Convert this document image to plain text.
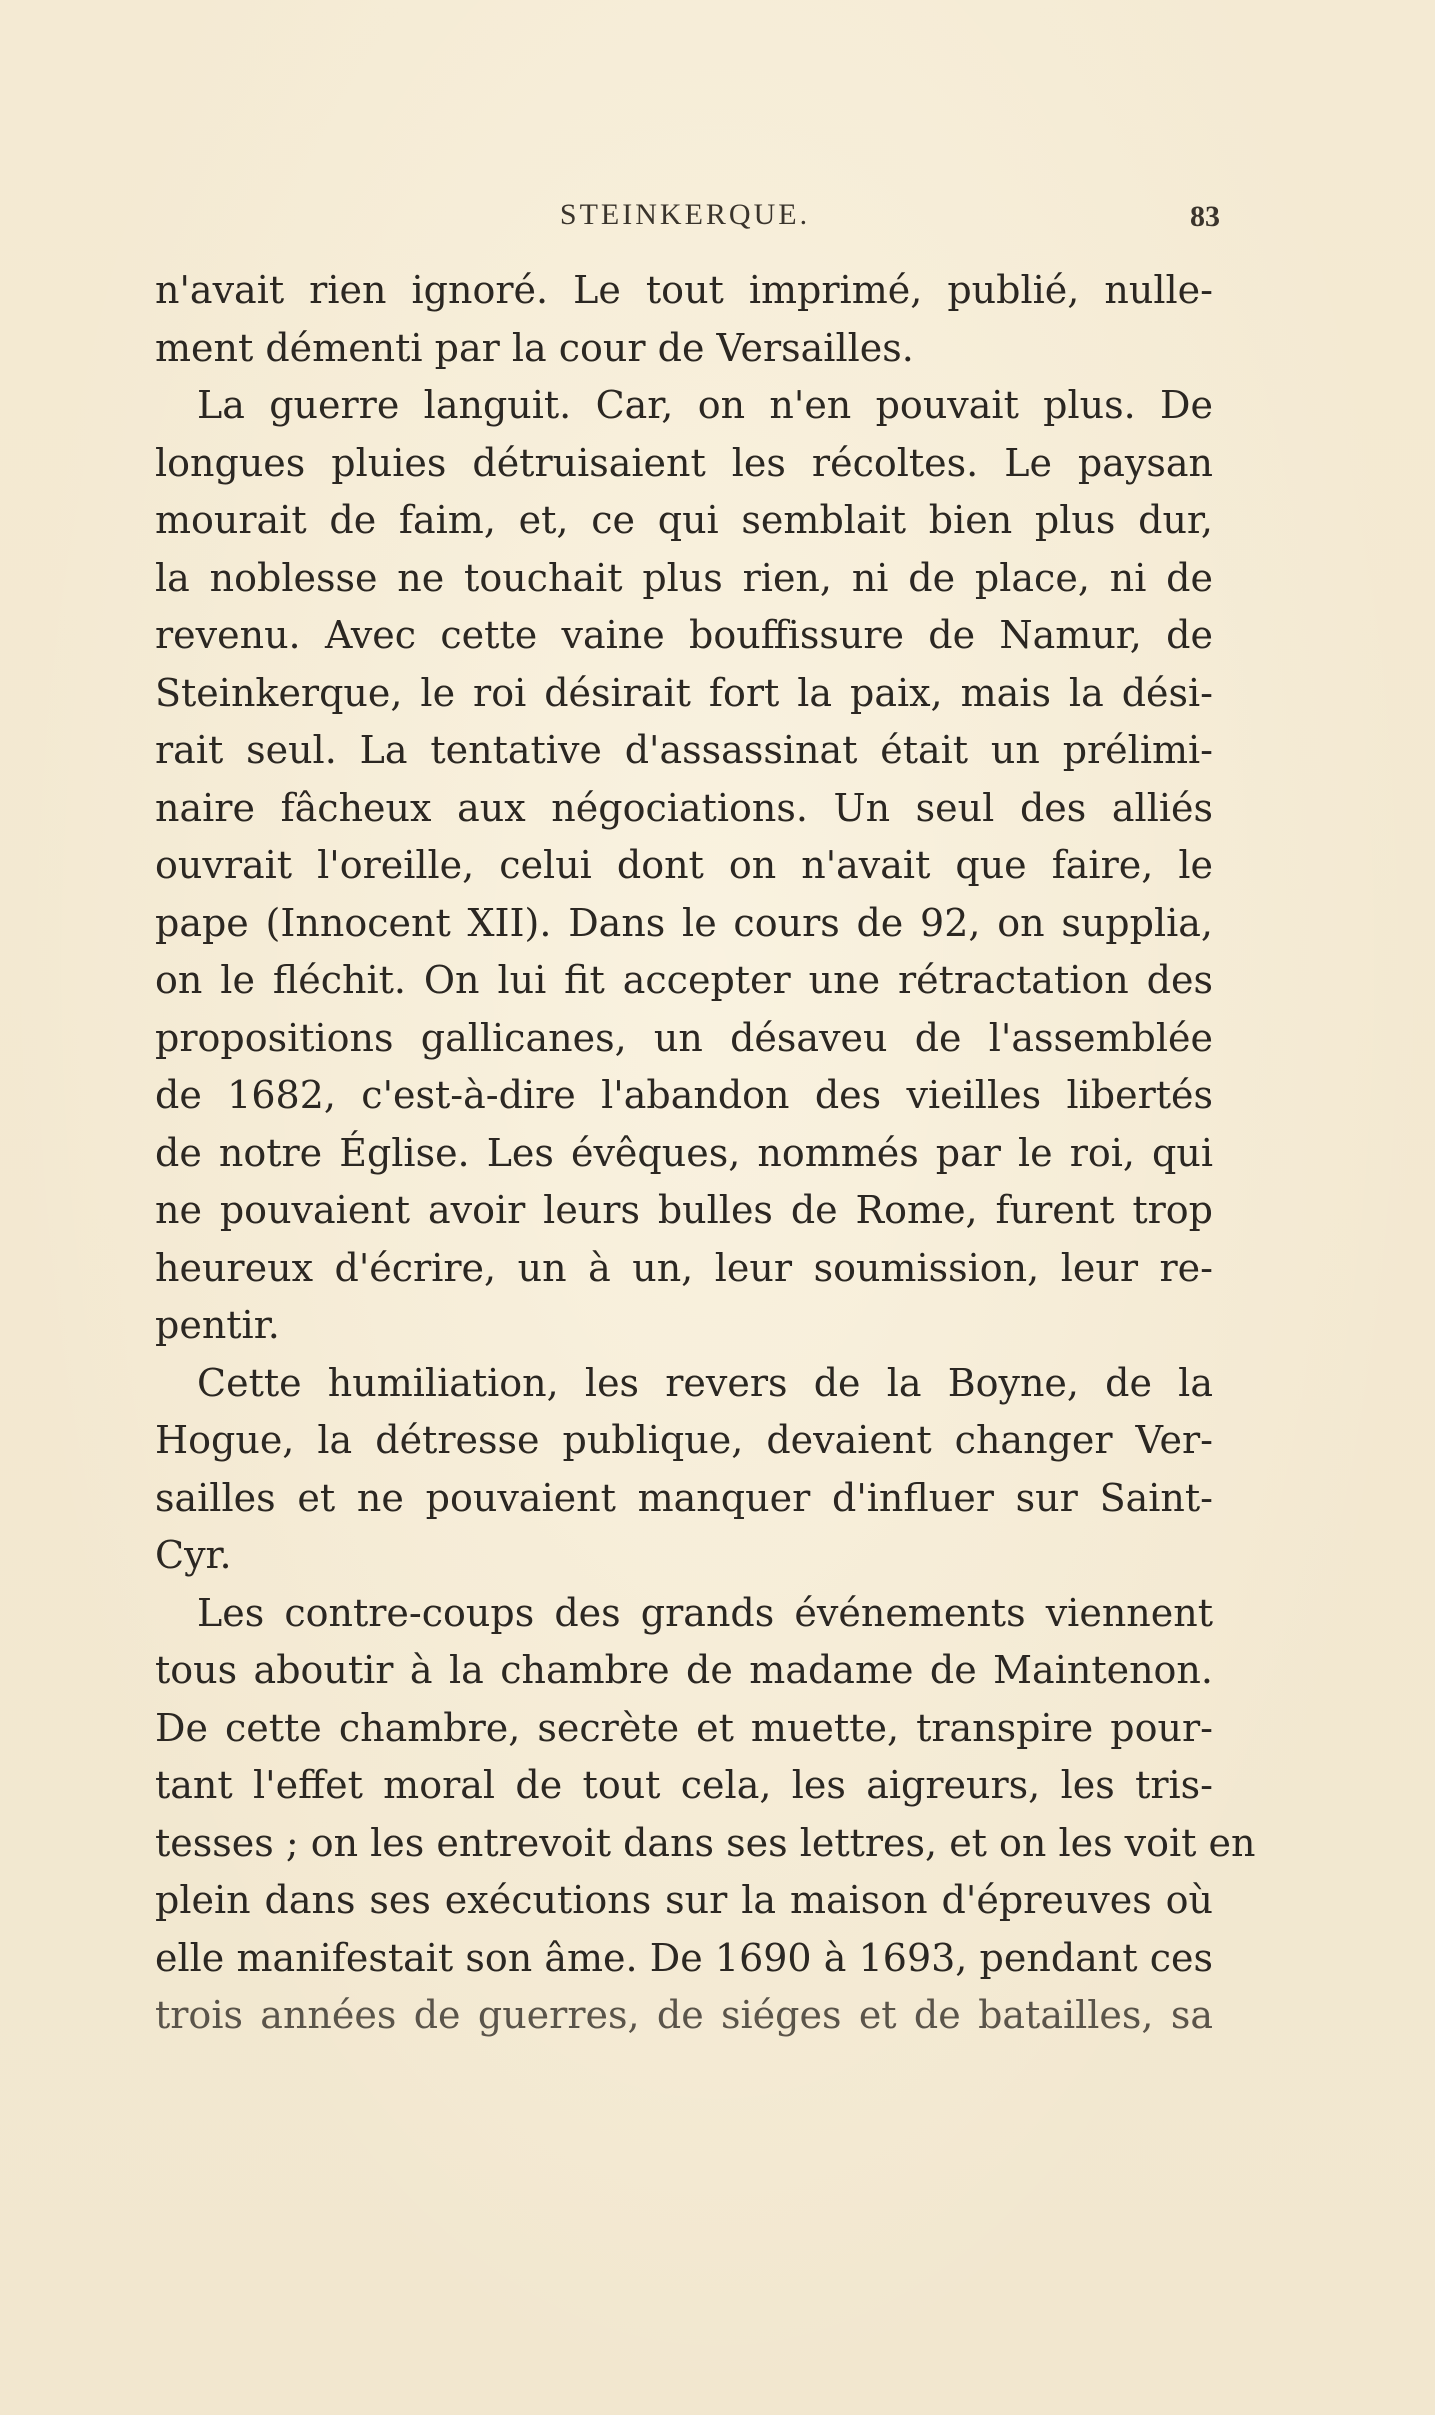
STEINKERQUE.	83
n'avait rien ignoré. Le tout imprimé, publié, nulle-
ment démenti par la cour de Versailles.
La guerre languit. Car, on n'en pouvait plus. De
longues pluies détruisaient les récoltes. Le paysan
mourait de faim, et, ce qui semblait bien plus dur,
la noblesse ne touchait plus rien, ni de place, ni de
revenu. Avec cette vaine bouffissure de Namur, de
Steinkerque, le roi désirait fort la paix, mais la dési-
rait seul. La tentative d'assassinat était un prélimi-
naire fâcheux aux négociations. Un seul des alliés
ouvrait l'oreille, celui dont on n'avait que faire, le
pape (Innocent XII). Dans le cours de 92, on supplia,
on le fléchit. On lui fit accepter une rétractation des
propositions gallicanes, un désaveu de l'assemblée
de 1682, c'est-à-dire l'abandon des vieilles libertés
de notre Église. Les évêques, nommés par le roi, qui
ne pouvaient avoir leurs bulles de Rome, furent trop
heureux d'écrire, un à un, leur soumission, leur re-
pentir.
Cette humiliation, les revers de la Boyne, de la
Hogue, la détresse publique, devaient changer Ver-
sailles et ne pouvaient manquer d'influer sur Saint-
Cyr.
Les contre-coups des grands événements viennent
tous aboutir à la chambre de madame de Maintenon.
De cette chambre, secrète et muette, transpire pour-
tant l'effet moral de tout cela, les aigreurs, les tris-
tesses ; on les entrevoit dans ses lettres, et on les voit en
plein dans ses exécutions sur la maison d'épreuves où
elle manifestait son âme. De 1690 à 1693, pendant ces
trois années de guerres, de siéges et de batailles, sa
